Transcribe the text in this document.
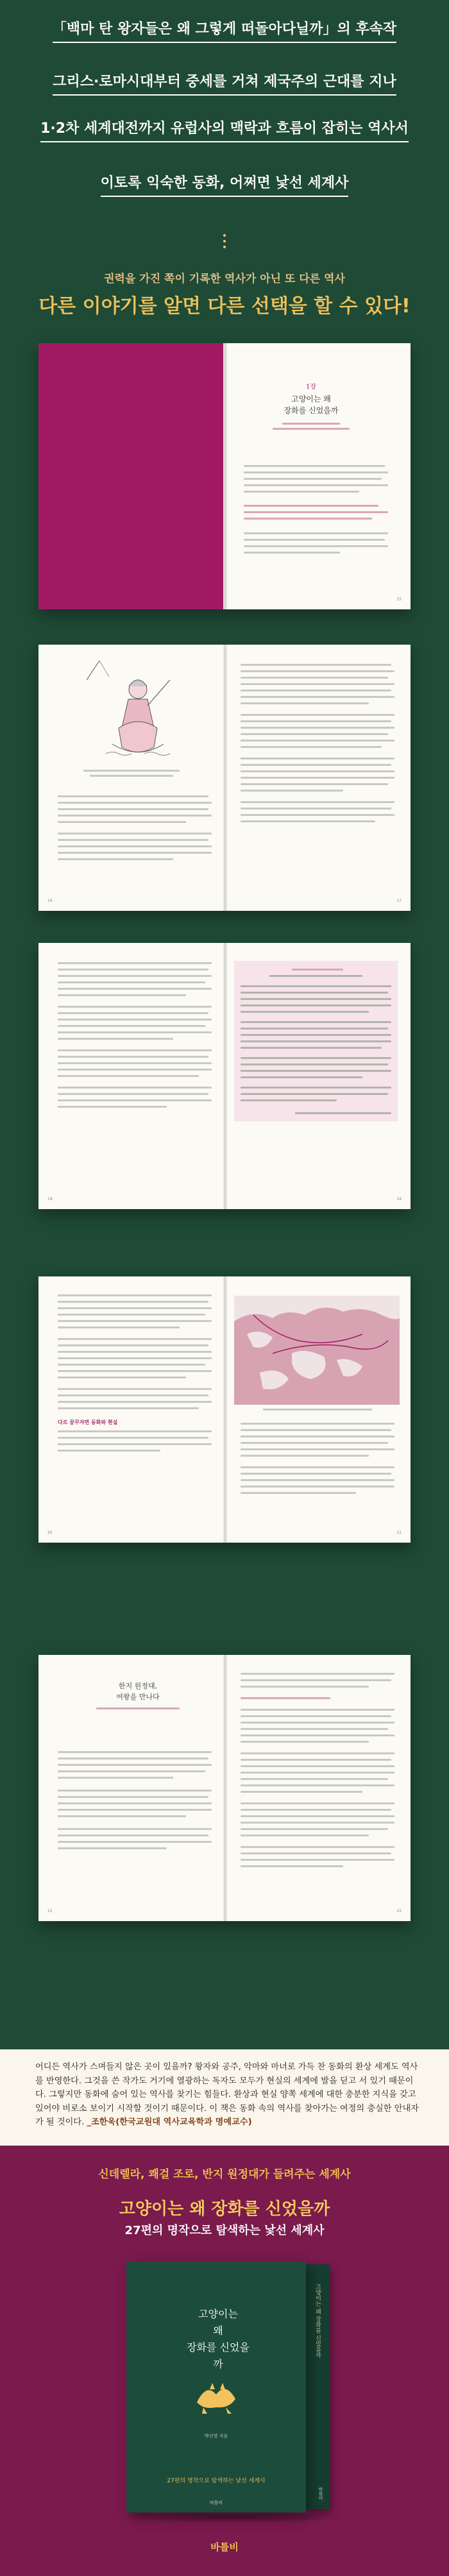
「백마 탄 왕자들은 왜 그렇게 떠돌아다닐까」의 후속작
그리스·로마시대부터 중세를 거쳐 제국주의 근대를 지나
1·2차 세계대전까지 유럽사의 맥락과 흐름이 잡히는 역사서
이토록 익숙한 동화, 어쩌면 낯선 세계사
권력을 가진 쪽이 기록한 역사가 아닌 또 다른 역사
다른 이야기를 알면 다른 선택을 할 수 있다!
1장
고양이는 왜
장화를 신었을까
15
16	17
18	19
다르 꿈꾸자면 동화와 현실
20	21
한지 원정대,
여왕을 만나다
22	23
어디든 역사가 스며들지 않은 곳이 있을까? 왕자와 공주, 악마와 마녀로 가득 찬 동화의 환상 세계도 역사를 반영한다. 그것을 쓴 작가도 거기에 열광하는 독자도 모두가 현실의 세계에 발을 딛고 서 있기 때문이다. 그렇지만 동화에 숨어 있는 역사를 찾기는 힘들다. 환상과 현실 양쪽 세계에 대한 충분한 지식을 갖고 있어야 비로소 보이기 시작할 것이기 때문이다. 이 책은 동화 속의 역사를 찾아가는 여정의 충실한 안내자가 될 것이다. _조한욱(한국교원대 역사교육학과 명예교수)
신데렐라, 쾌걸 조로, 반지 원정대가 들려주는 세계사
고양이는 왜 장화를 신었을까
27편의 명작으로 탐색하는 낯선 세계사
고양이는 왜 장화를 신었을까
바틀비
고양이는
왜
장화를 신었을까
박신영 지음
27편의 명작으로 탐색하는 낯선 세계사
바틀비
바틀비
